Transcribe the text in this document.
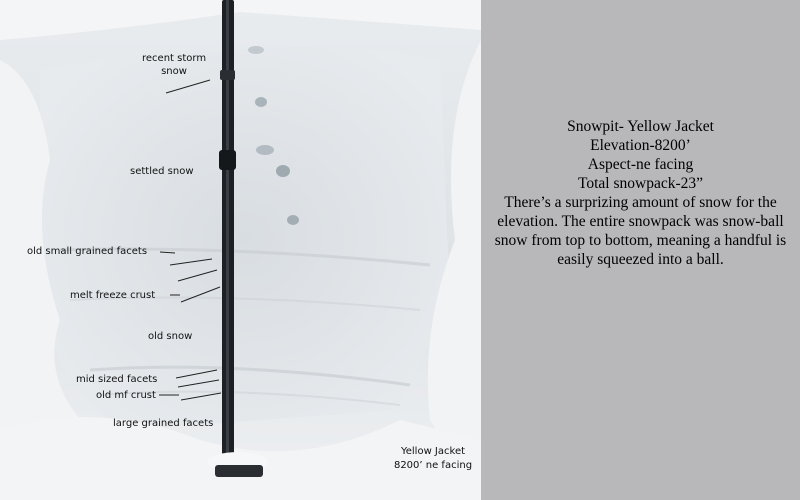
recent storm
snow
settled snow
old small grained facets
melt freeze crust
old snow
mid sized facets
old mf crust
large grained facets
Yellow Jacket
8200’ ne facing
Snowpit- Yellow Jacket
Elevation-8200’
Aspect-ne facing
Total snowpack-23”
There’s a surprizing amount of snow for the elevation. The entire snowpack was snow-ball snow from top to bottom, meaning a handful is easily squeezed into a ball.
